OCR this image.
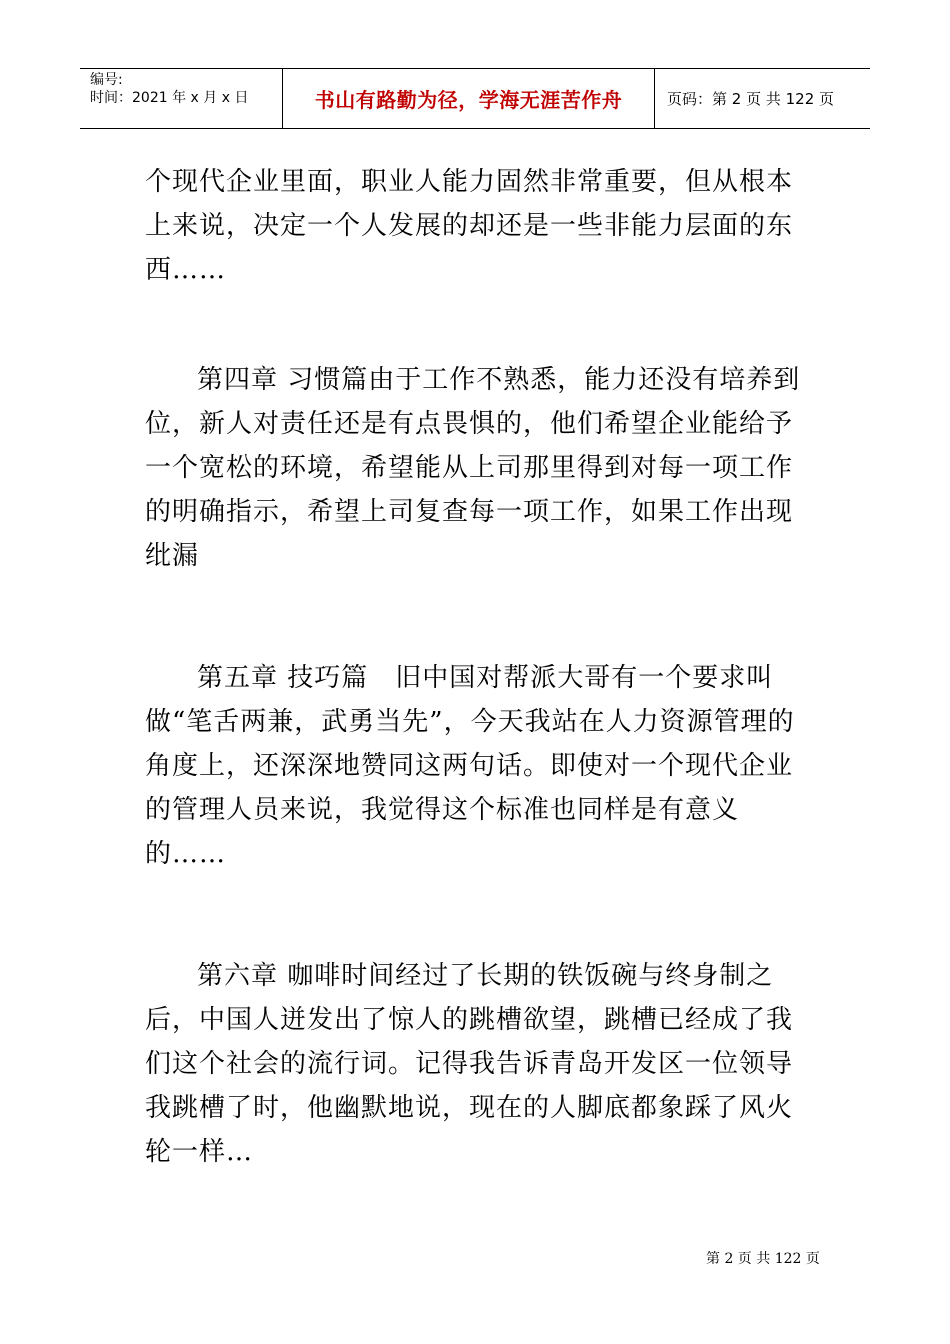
编号:
时间：2021 年 x 月 x 日	书山有路勤为径，学海无涯苦作舟	页码：第 2 页 共 122 页

个现代企业里面，职业人能力固然非常重要，但从根本上来说，决定一个人发展的却还是一些非能力层面的东西……

第四章 习惯篇由于工作不熟悉，能力还没有培养到位，新人对责任还是有点畏惧的，他们希望企业能给予一个宽松的环境，希望能从上司那里得到对每一项工作的明确指示，希望上司复查每一项工作，如果工作出现纰漏

第五章 技巧篇　旧中国对帮派大哥有一个要求叫做“笔舌两兼，武勇当先”，今天我站在人力资源管理的角度上，还深深地赞同这两句话。即使对一个现代企业的管理人员来说，我觉得这个标准也同样是有意义的……

第六章 咖啡时间经过了长期的铁饭碗与终身制之后，中国人迸发出了惊人的跳槽欲望，跳槽已经成了我们这个社会的流行词。记得我告诉青岛开发区一位领导我跳槽了时，他幽默地说，现在的人脚底都象踩了风火轮一样…

第 2 页 共 122 页
